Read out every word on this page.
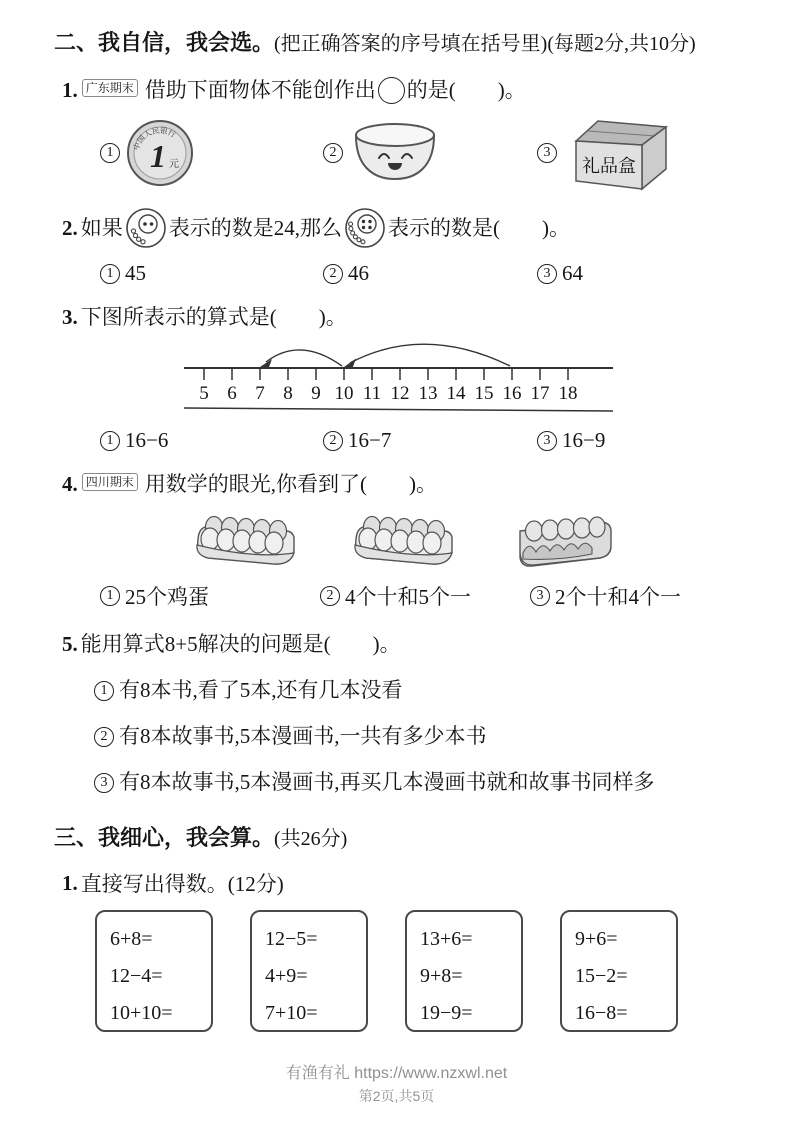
二、我自信，我会选。(把正确答案的序号填在括号里)(每题2分,共10分)
1. 广东期末 借助下面物体不能创作出 的是(　　)。
1	中国人民银行
1 元
2	3
礼品盒
2. 如果 表示的数是24,那么 表示的数是(　　)。
1 45	2 46	3 64
3. 下图所表示的算式是(　　)。
5 6 7 8 9 10 11 12 13 14 15 16 17 18
1 16−6	2 16−7	3 16−9
4. 四川期末 用数学的眼光,你看到了(　　)。
1 25个鸡蛋	2 4个十和5个一	3 2个十和4个一
5. 能用算式8+5解决的问题是(　　)。
1 有8本书,看了5本,还有几本没看
2 有8本故事书,5本漫画书,一共有多少本书
3 有8本故事书,5本漫画书,再买几本漫画书就和故事书同样多
三、我细心，我会算。(共26分)
1. 直接写出得数。 (12分)
6+8=
12−4=
10+10=
12−5=
4+9=
7+10=
13+6=
9+8=
19−9=
9+6=
15−2=
16−8=
有渔有礼 https://www.nzxwl.net
第2页,共5页
